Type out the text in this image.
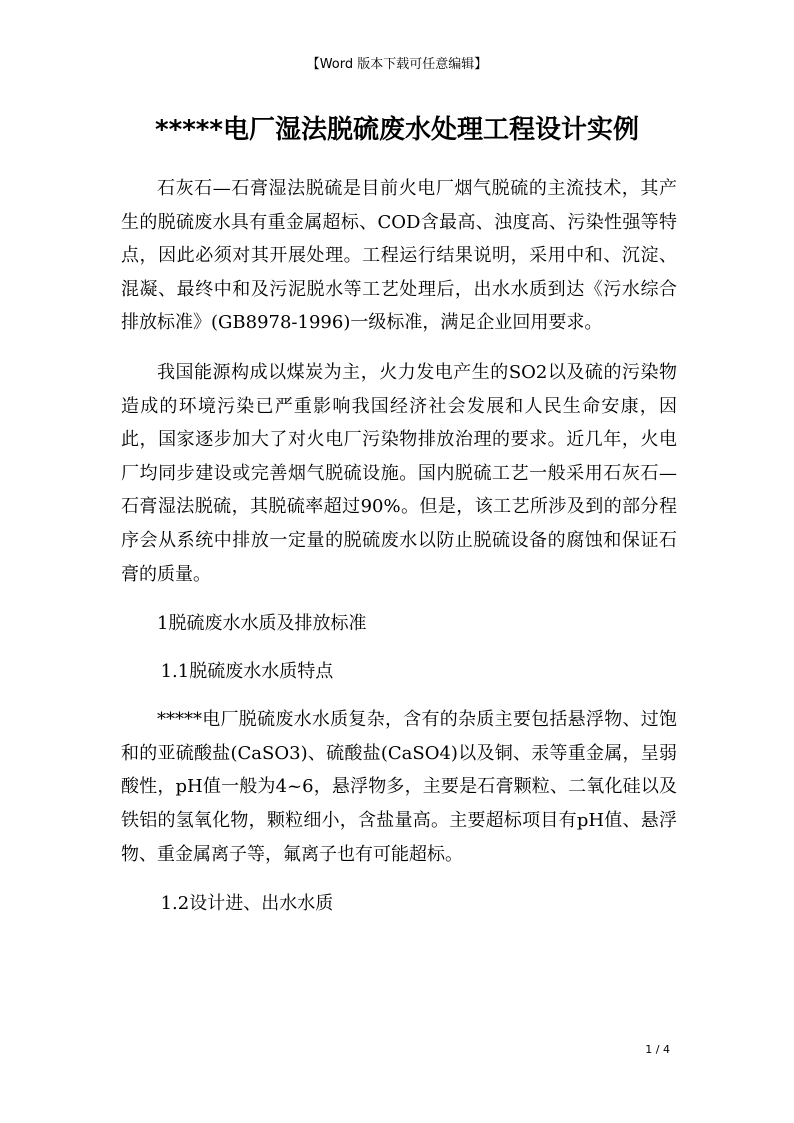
【Word 版本下载可任意编辑】
*****电厂湿法脱硫废水处理工程设计实例

石灰石—石膏湿法脱硫是目前火电厂烟气脱硫的主流技术，其产生的脱硫废水具有重金属超标、COD含最高、浊度高、污染性强等特点，因此必须对其开展处理。工程运行结果说明，采用中和、沉淀、混凝、最终中和及污泥脱水等工艺处理后，出水水质到达《污水综合排放标准》(GB8978-1996)一级标准，满足企业回用要求。

我国能源构成以煤炭为主，火力发电产生的SO2以及硫的污染物造成的环境污染已严重影响我国经济社会发展和人民生命安康，因此，国家逐步加大了对火电厂污染物排放治理的要求。近几年，火电厂均同步建设或完善烟气脱硫设施。国内脱硫工艺一般采用石灰石—石膏湿法脱硫，其脱硫率超过90%。但是，该工艺所涉及到的部分程序会从系统中排放一定量的脱硫废水以防止脱硫设备的腐蚀和保证石膏的质量。

1脱硫废水水质及排放标准
1.1脱硫废水水质特点

*****电厂脱硫废水水质复杂，含有的杂质主要包括悬浮物、过饱和的亚硫酸盐(CaSO3)、硫酸盐(CaSO4)以及铜、汞等重金属，呈弱酸性，pH值一般为4~6，悬浮物多，主要是石膏颗粒、二氧化硅以及铁铝的氢氧化物，颗粒细小，含盐量高。主要超标项目有pH值、悬浮物、重金属离子等，氟离子也有可能超标。

1.2设计进、出水水质
1 / 4
